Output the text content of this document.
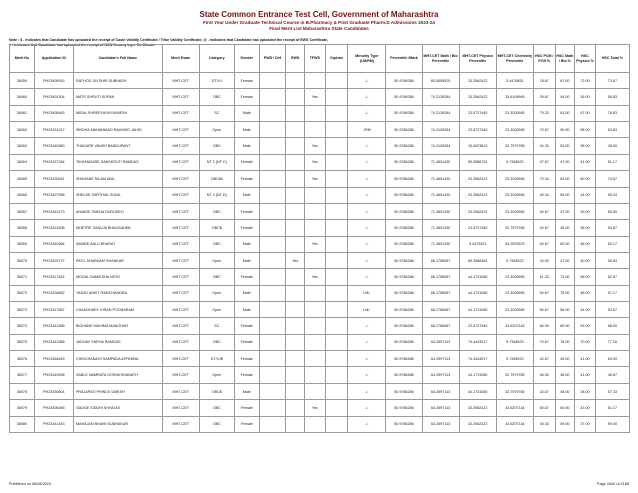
State Common Entrance Test Cell, Government of Maharashtra
First Year Under Graduate Technical Course in B.Pharmacy & Post Graduate Pharm.D Admissions 2023-24
Final Merit List Maharashtra State Candidates
Note : $ - Indicates that Candidate has uploaded the receipt of Caste Validity Certificate / Tribe Validity Certificate, @ - Indicates that Candidate has uploaded the receipt of EWS Certificate,
# - Indicates that Candidate has uploaded the receipt of NCN Creamy layer Certificate.
Merit No	Application ID	Candidate's Full Name	Merit Exam	Category	Gender	PWD / Def	EWS	TFWS	Orphan	Minority Type (LM/RM)	Percentile /Mark	MHT-CET Math / Bio Percentile	MHT-CET Physics Percentile	MHT-CET Chemistry Percentile	HSC PCM / PCB %	HSC Math / Bio %	HSC Physics %	HSC Total %
36059	PH23405915	RATHOD JAYSHRI SUBHASH	MHT-CET	DT/VJ	Female					-/-	50.9786286	80.5559525	33.2562422	3.4476851	78.67	87.00	72.00	73.67
36060	PH23401304	MATE SHRUTI SOPAN	MHT-CET	OBC	Female			Yes		-/-	50.9786286	74.2130284	33.2562422	15.6109969	39.67	44.00	35.00	55.83
36061	PH23405463	MISAL SHREEYASH RAMESH	MHT-CET	SC	Male					-/-	50.9786286	74.2130284	23.5727440	23.3200565	79.33	81.00	67.00	76.83
36062	PH23431017	SINDHA MAHAMMAD RAASHID JAHID	MHT-CET	Open	Male					-/RM	50.9786286	74.2130284	23.5727440	23.3200565	70.67	90.00	58.00	63.83
36063	PH23440980	THAKARE VANSH BANDUPANT	MHT-CET	OBC	Male			Yes		-/-	50.9786286	74.2130284	15.6023813	32.7979785	44.33	53.00	38.00	48.50
36064	PH23437394	TIKHANDARE SANSKRUTI RAMDAS	MHT-CET	NT 2 (NT-C)	Female			Yes		-/-	50.9786286	71.4891430	55.5586792	9.7348923	47.67	47.00	41.00	51.17
36065	PH23430541	SHAHANE NILAM ANIL	MHT-CET	OBC$#	Female			Yes		-/-	50.9786286	71.4891430	33.2562422	23.3200565	70.33	83.00	60.00	74.67
36066	PH23407956	SHELKE SARTHAK SUNIL	MHT-CET	NT 3 (NT-D)	Male					-/-	50.9786286	71.4891430	33.2562422	23.3200565	49.33	55.00	44.00	55.33
36067	PH23442473	AIWARE SNEHA GURUDEO	MHT-CET	OBC	Female					-/-	50.9786286	71.4891430	33.2562422	23.3200565	40.67	47.00	39.00	55.50
36068	PH23414538	MHETRE SANUJA BHAUSAHEB	MHT-CET	OBC$	Female					-/-	50.9786286	71.4891430	23.5727440	32.7979785	44.67	45.00	38.00	54.67
36069	PH23440964	AWARE ANUJ BHARAT	MHT-CET	OBC	Male			Yes		-/-	50.9786286	71.4891430	9.4479421	54.0922523	54.67	60.00	48.00	62.17
36070	PH23425727	PATIL SHUBHAM SHANKAR	MHT-CET	Open	Male		Yes			-/-	50.9786286	68.1785087	65.3988464	9.7348923	43.00	47.00	40.00	50.83
36071	PH23417624	MOGAL SAMIKSHA NITIN	MHT-CET	OBC	Female			Yes		-/-	50.9786286	68.1785087	44.1731080	23.3200565	61.33	74.00	56.00	62.67
36072	PH23436852	YADAV ANKIT RAMCHANDRA	MHT-CET	Open	Male					LM/-	50.9786286	68.1785087	44.1731080	23.3200565	54.67	75.00	48.00	57.17
36073	PH23417667	CHAUDHARY KIRAN POONARAM	MHT-CET	Open	Male					LM/-	50.9786286	68.1785087	44.1731080	23.3200565	50.67	56.00	44.00	53.67
36074	PH23441586	BIGHANE MAHIMA MANOHAR	MHT-CET	SC	Female					-/-	50.9786286	68.1785087	23.5727440	43.6207118	66.00	80.00	53.00	68.50
36075	PH23441568	JADHAV SNEHA RAMDAS	MHT-CET	OBC	Female					-/-	50.9786286	64.2597113	74.4443017	9.7348923	74.67	78.00	70.00	77.16
36076	PH23464815	CHINCHANAGI SAMPADA APPANNA	MHT-CET	DT/VJ$	Female					-/-	50.9786286	64.2597113	74.4443017	9.7348923	43.67	49.00	41.00	60.00
36077	PH23449596	SABLE NAMRATA GORAKSHANATH	MHT-CET	Open	Female					-/-	50.9786286	64.2597113	44.1731080	32.7979785	46.00	48.00	41.00	46.67
36078	PH23430604	PRAJAPATI PRINCE UMESH	MHT-CET	OBC$	Male					-/-	50.9786286	64.2597113	44.1731080	32.7979785	42.67	48.00	38.00	57.33
36079	PH23406365	GADGE SIDDHI SHIVDAS	MHT-CET	OBC	Female			Yes		-/-	50.9786286	64.2597113	33.2562422	43.6207118	50.67	60.00	43.00	61.17
36080	PH23441443	MAHAJAN BHUMI SUDHAKAR	MHT-CET	OBC	Female					-/-	50.9786286	64.2597113	33.2562422	43.6207118	45.33	59.00	37.00	59.00
Published on 08/08/2023	Page 1640 of 2188
